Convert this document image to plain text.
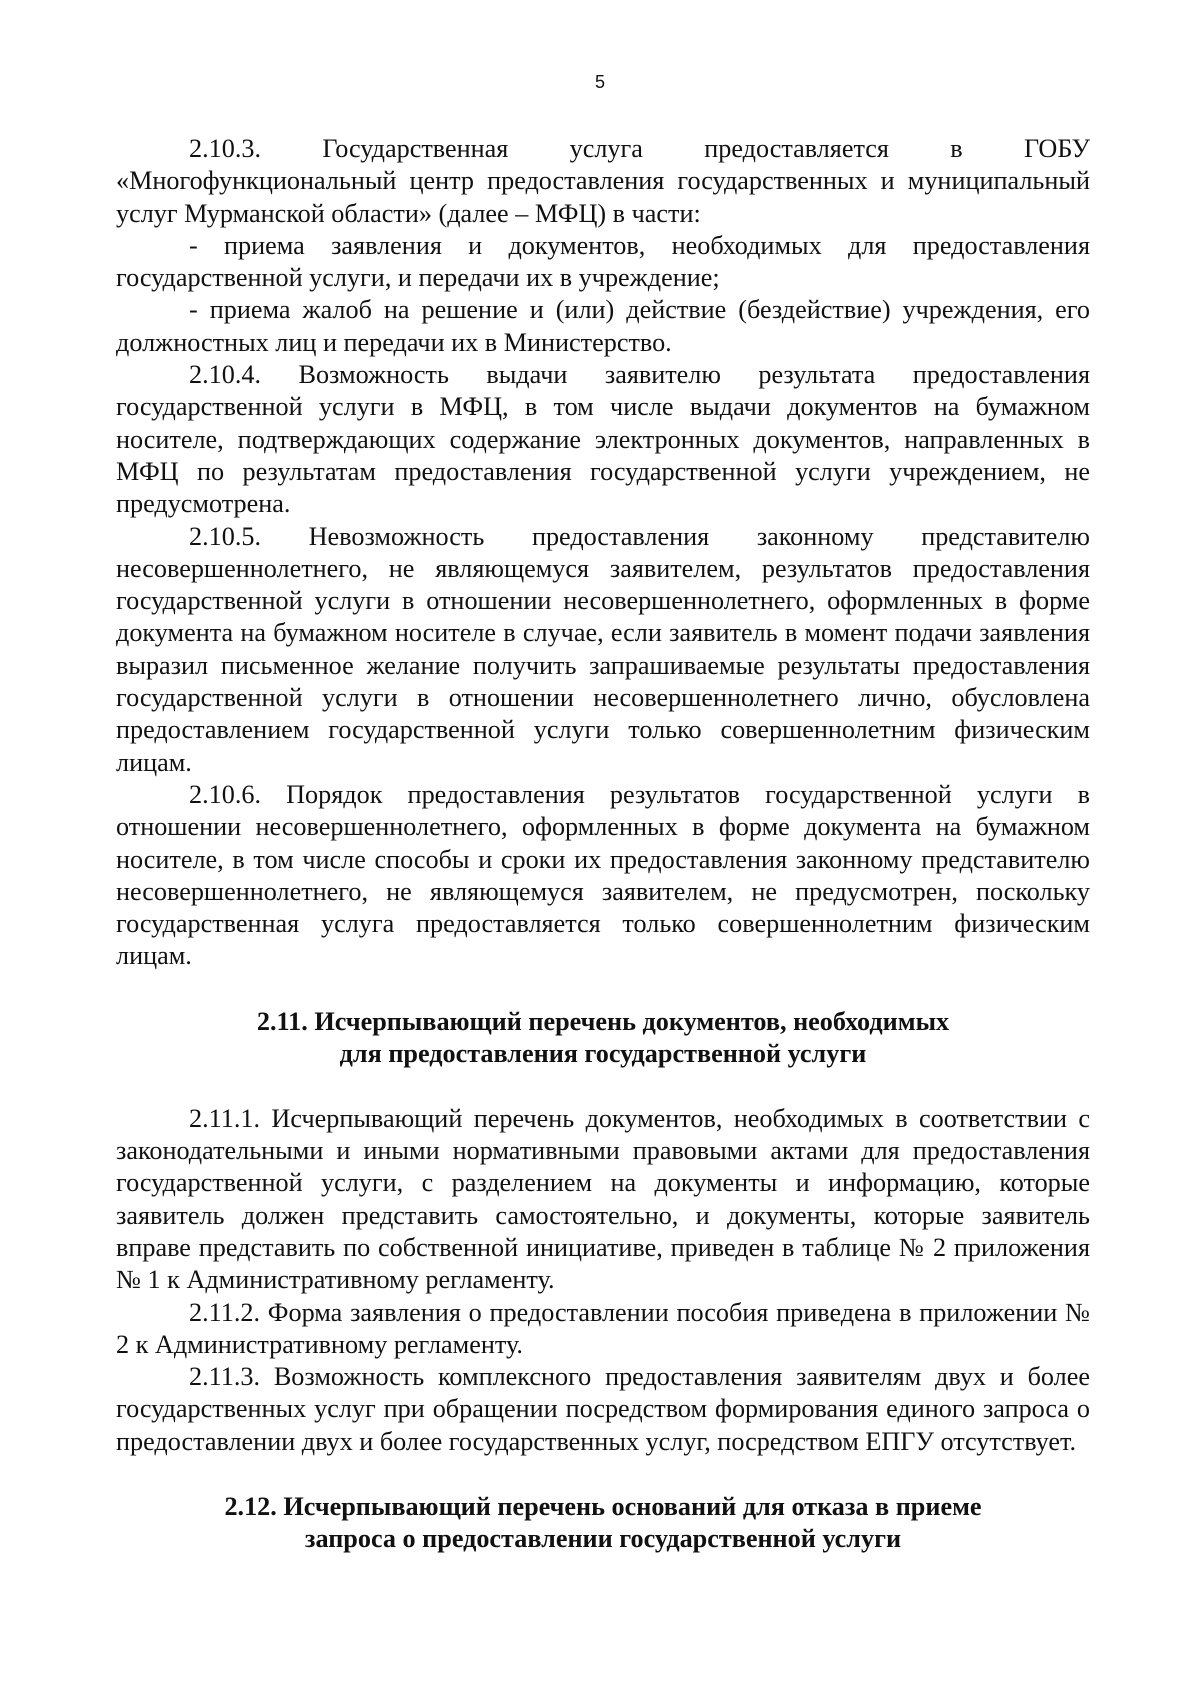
5

2.10.3. Государственная услуга предоставляется в ГОБУ «Многофункциональный центр предоставления государственных и муниципальный услуг Мурманской области» (далее – МФЦ) в части:

- приема заявления и документов, необходимых для предоставления государственной услуги, и передачи их в учреждение;

- приема жалоб на решение и (или) действие (бездействие) учреждения, его должностных лиц и передачи их в Министерство.

2.10.4. Возможность выдачи заявителю результата предоставления государственной услуги в МФЦ, в том числе выдачи документов на бумажном носителе, подтверждающих содержание электронных документов, направленных в МФЦ по результатам предоставления государственной услуги учреждением, не предусмотрена.

2.10.5. Невозможность предоставления законному представителю несовершеннолетнего, не являющемуся заявителем, результатов предоставления государственной услуги в отношении несовершеннолетнего, оформленных в форме документа на бумажном носителе в случае, если заявитель в момент подачи заявления выразил письменное желание получить запрашиваемые результаты предоставления государственной услуги в отношении несовершеннолетнего лично, обусловлена предоставлением государственной услуги только совершеннолетним физическим лицам.

2.10.6. Порядок предоставления результатов государственной услуги в отношении несовершеннолетнего, оформленных в форме документа на бумажном носителе, в том числе способы и сроки их предоставления законному представителю несовершеннолетнего, не являющемуся заявителем, не предусмотрен, поскольку государственная услуга предоставляется только совершеннолетним физическим лицам.

2.11. Исчерпывающий перечень документов, необходимых
для предоставления государственной услуги

2.11.1. Исчерпывающий перечень документов, необходимых в соответствии с законодательными и иными нормативными правовыми актами для предоставления государственной услуги, с разделением на документы и информацию, которые заявитель должен представить самостоятельно, и документы, которые заявитель вправе представить по собственной инициативе, приведен в таблице № 2 приложения № 1 к Административному регламенту.

2.11.2. Форма заявления о предоставлении пособия приведена в приложении № 2 к Административному регламенту.

2.11.3. Возможность комплексного предоставления заявителям двух и более государственных услуг при обращении посредством формирования единого запроса о предоставлении двух и более государственных услуг, посредством ЕПГУ отсутствует.

2.12. Исчерпывающий перечень оснований для отказа в приеме
запроса о предоставлении государственной услуги
